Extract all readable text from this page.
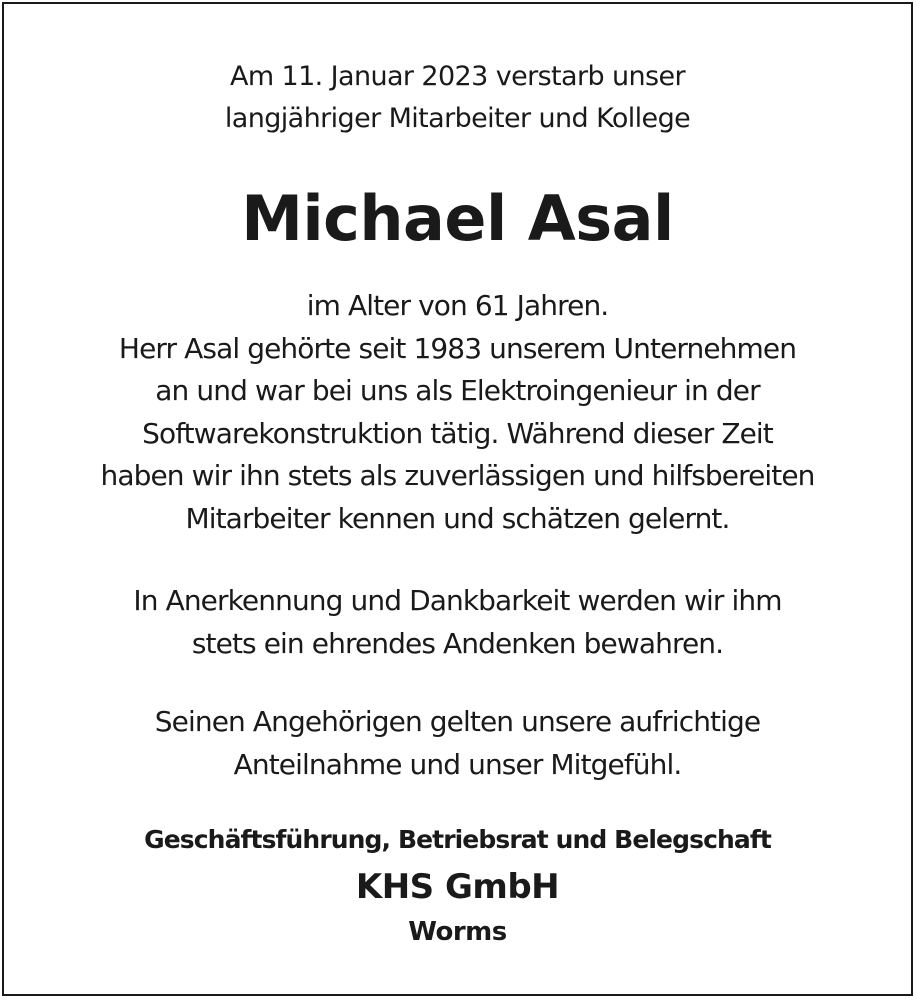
Am 11. Januar 2023 verstarb unser
langjähriger Mitarbeiter und Kollege
Michael Asal
im Alter von 61 Jahren.
Herr Asal gehörte seit 1983 unserem Unternehmen
an und war bei uns als Elektroingenieur in der
Softwarekonstruktion tätig. Während dieser Zeit
haben wir ihn stets als zuverlässigen und hilfsbereiten
Mitarbeiter kennen und schätzen gelernt.
In Anerkennung und Dankbarkeit werden wir ihm
stets ein ehrendes Andenken bewahren.
Seinen Angehörigen gelten unsere aufrichtige
Anteilnahme und unser Mitgefühl.
Geschäftsführung, Betriebsrat und Belegschaft
KHS GmbH
Worms
